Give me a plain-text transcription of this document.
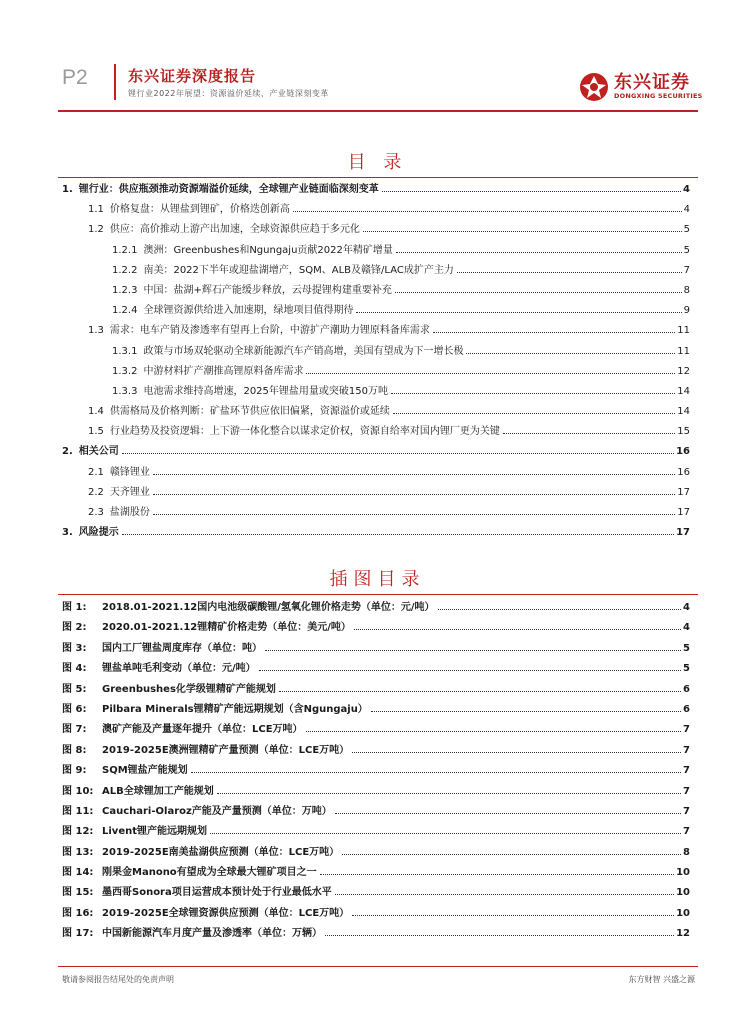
P2	东兴证券深度报告
锂行业2022年展望：资源溢价延续，产业链深刻变革
东兴证券
DONGXING SECURITIES
目 录
1. 锂行业：供应瓶颈推动资源端溢价延续，全球锂产业链面临深刻变革	4
1.1 价格复盘：从锂盐到锂矿，价格迭创新高	4
1.2 供应：高价推动上游产出加速，全球资源供应趋于多元化	5
1.2.1 澳洲：Greenbushes和Ngungaju贡献2022年精矿增量	5
1.2.2 南美：2022下半年或迎盐湖增产，SQM、ALB及赣锋/LAC成扩产主力	7
1.2.3 中国：盐湖+辉石产能缓步释放，云母提锂构建重要补充	8
1.2.4 全球锂资源供给进入加速期，绿地项目值得期待	9
1.3 需求：电车产销及渗透率有望再上台阶，中游扩产潮助力锂原料备库需求	11
1.3.1 政策与市场双轮驱动全球新能源汽车产销高增，美国有望成为下一增长极	11
1.3.2 中游材料扩产潮推高锂原料备库需求	12
1.3.3 电池需求维持高增速，2025年锂盐用量或突破150万吨	14
1.4 供需格局及价格判断：矿盐环节供应依旧偏紧，资源溢价或延续	14
1.5 行业趋势及投资逻辑：上下游一体化整合以谋求定价权，资源自给率对国内锂厂更为关键	15
2. 相关公司	16
2.1 赣锋锂业	16
2.2 天齐锂业	17
2.3 盐湖股份	17
3. 风险提示	17
插图目录
图 1:	2018.01-2021.12国内电池级碳酸锂/氢氧化锂价格走势（单位：元/吨）	4
图 2:	2020.01-2021.12锂精矿价格走势（单位：美元/吨）	4
图 3:	国内工厂锂盐周度库存（单位：吨）	5
图 4:	锂盐单吨毛利变动（单位：元/吨）	5
图 5:	Greenbushes化学级锂精矿产能规划	6
图 6:	Pilbara Minerals锂精矿产能远期规划（含Ngungaju）	6
图 7:	澳矿产能及产量逐年提升（单位：LCE万吨）	7
图 8:	2019-2025E澳洲锂精矿产量预测（单位：LCE万吨）	7
图 9:	SQM锂盐产能规划	7
图 10: ALB全球锂加工产能规划	7
图 11: Cauchari-Olaroz产能及产量预测（单位：万吨）	7
图 12: Livent锂产能远期规划	7
图 13: 2019-2025E南美盐湖供应预测（单位：LCE万吨）	8
图 14: 刚果金Manono有望成为全球最大锂矿项目之一	10
图 15: 墨西哥Sonora项目运营成本预计处于行业最低水平	10
图 16: 2019-2025E全球锂资源供应预测（单位：LCE万吨）	10
图 17: 中国新能源汽车月度产量及渗透率（单位：万辆）	12
敬请参阅报告结尾处的免责声明	东方财智 兴盛之源
